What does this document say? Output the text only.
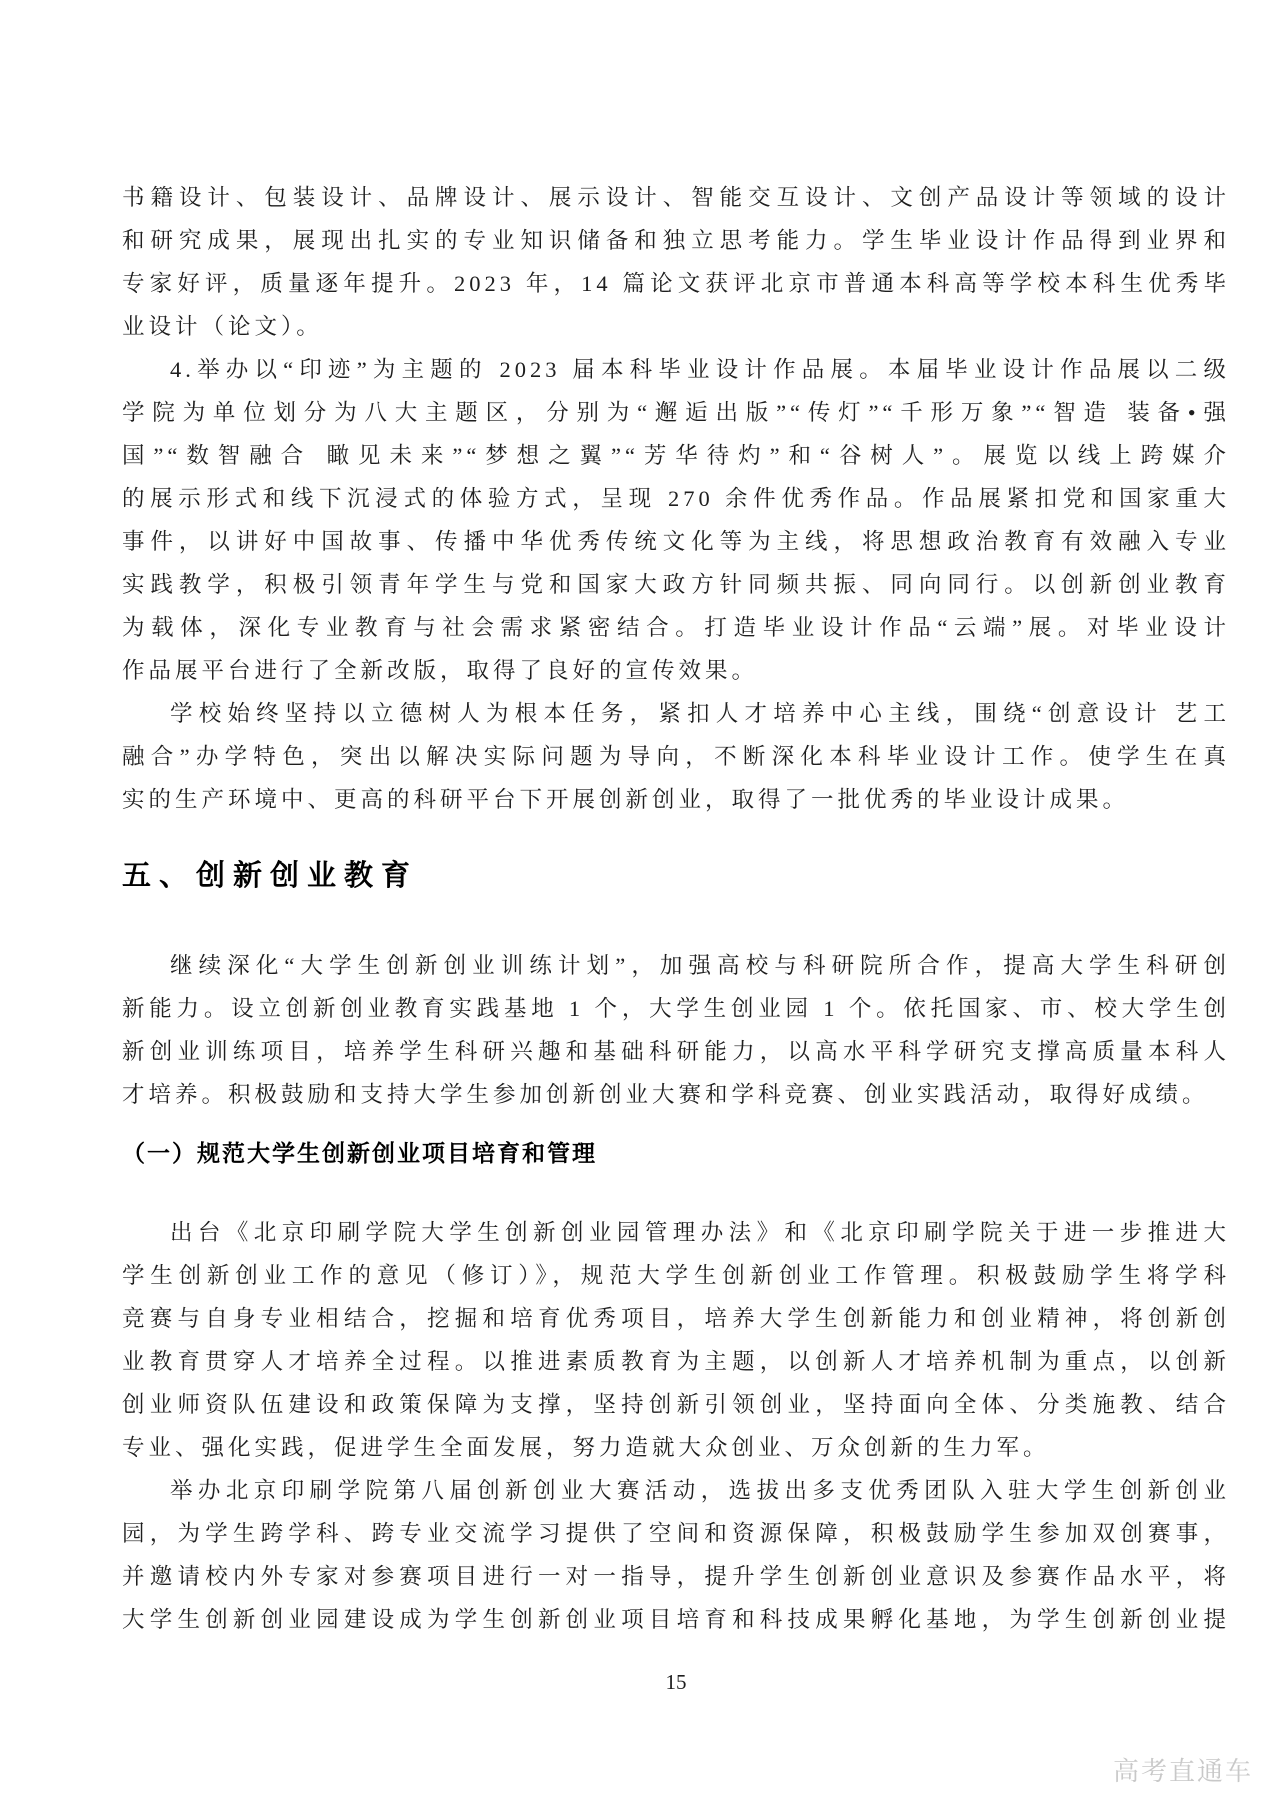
书籍设计、包装设计、品牌设计、展示设计、智能交互设计、文创产品设计等领域的设计
和研究成果，展现出扎实的专业知识储备和独立思考能力。学生毕业设计作品得到业界和
专家好评，质量逐年提升。2023 年，14 篇论文获评北京市普通本科高等学校本科生优秀毕
业设计（论文）。
4.举办以“印迹”为主题的 2023 届本科毕业设计作品展。本届毕业设计作品展以二级
学院为单位划分为八大主题区，分别为“邂逅出版”“传灯”“千形万象”“智造 装备•强
国”“数智融合 瞰见未来”“梦想之翼”“芳华待灼”和“谷树人”。展览以线上跨媒介
的展示形式和线下沉浸式的体验方式，呈现 270 余件优秀作品。作品展紧扣党和国家重大
事件，以讲好中国故事、传播中华优秀传统文化等为主线，将思想政治教育有效融入专业
实践教学，积极引领青年学生与党和国家大政方针同频共振、同向同行。以创新创业教育
为载体，深化专业教育与社会需求紧密结合。打造毕业设计作品“云端”展。对毕业设计
作品展平台进行了全新改版，取得了良好的宣传效果。
学校始终坚持以立德树人为根本任务，紧扣人才培养中心主线，围绕“创意设计 艺工
融合”办学特色，突出以解决实际问题为导向，不断深化本科毕业设计工作。使学生在真
实的生产环境中、更高的科研平台下开展创新创业，取得了一批优秀的毕业设计成果。
五、创新创业教育
继续深化“大学生创新创业训练计划”，加强高校与科研院所合作，提高大学生科研创
新能力。设立创新创业教育实践基地 1 个，大学生创业园 1 个。依托国家、市、校大学生创
新创业训练项目，培养学生科研兴趣和基础科研能力，以高水平科学研究支撑高质量本科人
才培养。积极鼓励和支持大学生参加创新创业大赛和学科竞赛、创业实践活动，取得好成绩。
（一）规范大学生创新创业项目培育和管理
出台《北京印刷学院大学生创新创业园管理办法》和《北京印刷学院关于进一步推进大
学生创新创业工作的意见（修订）》，规范大学生创新创业工作管理。积极鼓励学生将学科
竞赛与自身专业相结合，挖掘和培育优秀项目，培养大学生创新能力和创业精神，将创新创
业教育贯穿人才培养全过程。以推进素质教育为主题，以创新人才培养机制为重点，以创新
创业师资队伍建设和政策保障为支撑，坚持创新引领创业，坚持面向全体、分类施教、结合
专业、强化实践，促进学生全面发展，努力造就大众创业、万众创新的生力军。
举办北京印刷学院第八届创新创业大赛活动，选拔出多支优秀团队入驻大学生创新创业
园，为学生跨学科、跨专业交流学习提供了空间和资源保障，积极鼓励学生参加双创赛事，
并邀请校内外专家对参赛项目进行一对一指导，提升学生创新创业意识及参赛作品水平，将
大学生创新创业园建设成为学生创新创业项目培育和科技成果孵化基地，为学生创新创业提
15
高考直通车
